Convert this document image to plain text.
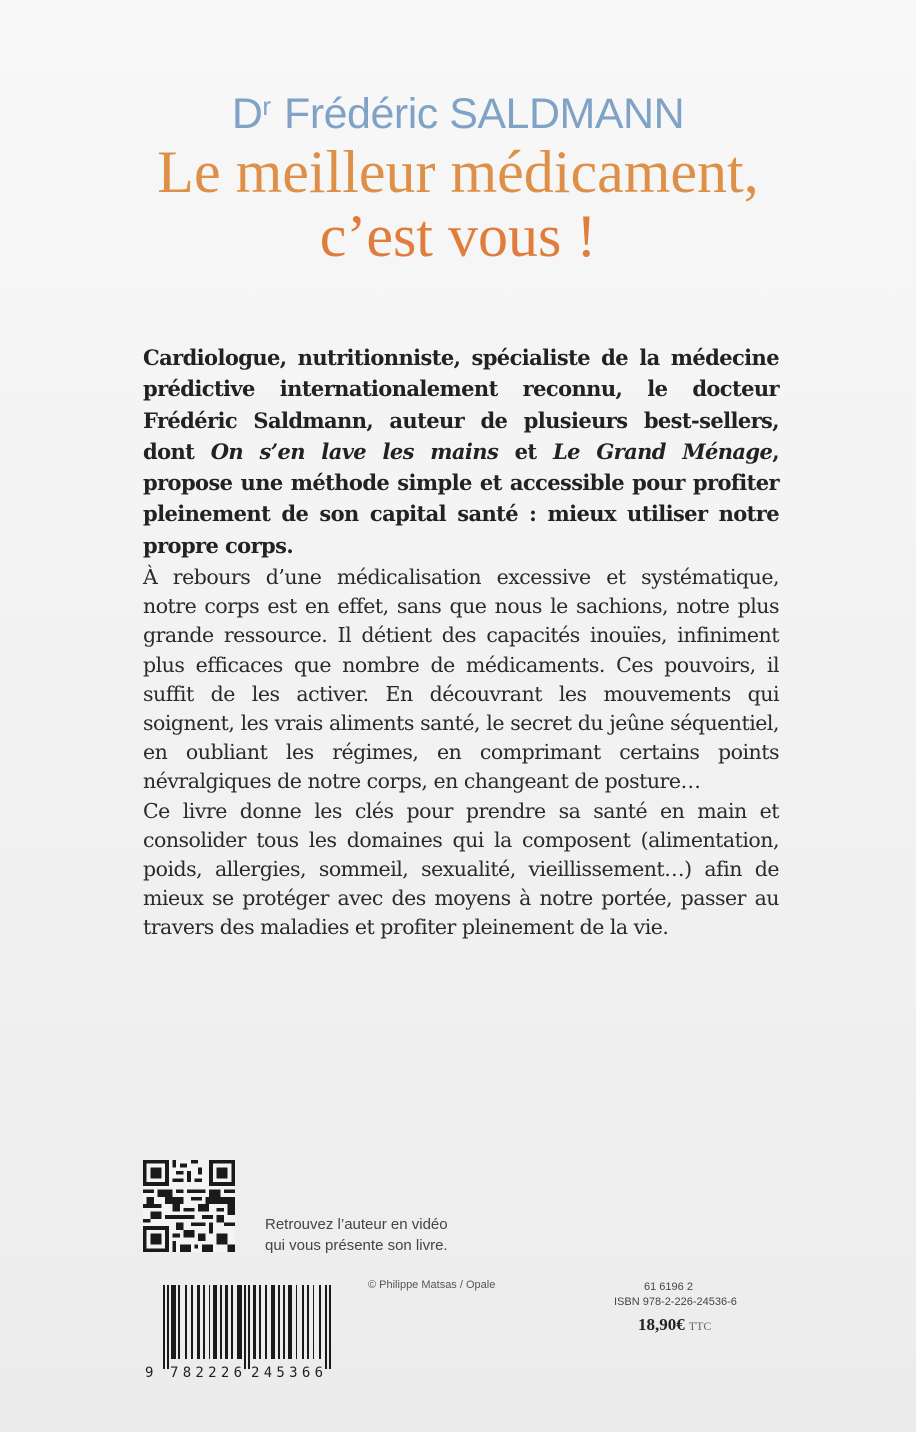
$D^r$ Frédéric SALDMANN
Le meilleur médicament,
c’est vous !

Cardiologue, nutritionniste, spécialiste de la médecine prédictive internationalement reconnu, le docteur Frédéric Saldmann, auteur de plusieurs best-sellers, dont On s’en lave les mains et Le Grand Ménage, propose une méthode simple et accessible pour profiter pleinement de son capital santé : mieux utiliser notre propre corps.

À rebours d’une médicalisation excessive et systématique, notre corps est en effet, sans que nous le sachions, notre plus grande ressource. Il détient des capacités inouïes, infiniment plus efficaces que nombre de médicaments. Ces pouvoirs, il suffit de les activer. En découvrant les mouvements qui soignent, les vrais aliments santé, le secret du jeûne séquentiel, en oubliant les régimes, en comprimant certains points névralgiques de notre corps, en changeant de posture…

Ce livre donne les clés pour prendre sa santé en main et consolider tous les domaines qui la composent (alimentation, poids, allergies, sommeil, sexualité, vieillissement…) afin de mieux se protéger avec des moyens à notre portée, passer au travers des maladies et profiter pleinement de la vie.

Retrouvez l’auteur en vidéo
qui vous présente son livre.
9 782226 245366
© Philippe Matsas / Opale	61 6196 2
ISBN 978-2-226-24536-6
18,90€ TTC
